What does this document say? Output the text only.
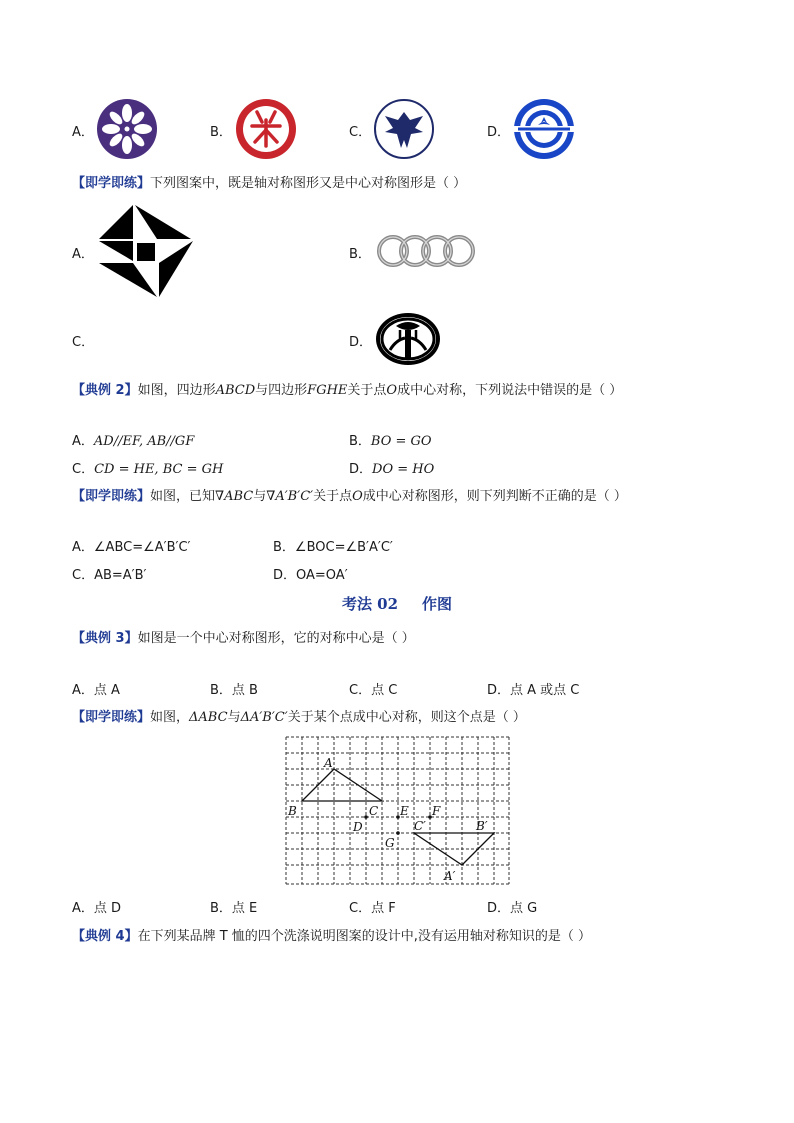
A．	B．	C．	D．
【即学即练】下列图案中，既是轴对称图形又是中心对称图形是（ ）
A．	B．
C．	D．
【典例 2】如图，四边形ABCD与四边形FGHE关于点O成中心对称，下列说法中错误的是（ ）
A．AD//EF, AB//GF	B．BO = GO
C．CD = HE, BC = GH	D．DO = HO
【即学即练】如图，已知∇ABC与∇A′B′C′关于点O成中心对称图形，则下列判断不正确的是（ ）
A．∠ABC=∠A′B′C′	B．∠BOC=∠B′A′C′
C．AB=A′B′	D．OA=OA′
考法 02 作图
【典例 3】如图是一个中心对称图形，它的对称中心是（ ）
A．点 A	B．点 B	C．点 C	D．点 A 或点 C
【即学即练】如图，ΔABC与ΔA′B′C′关于某个点成中心对称，则这个点是（ ）
A
B	C
D
E F
G
C′	B′
A′
A．点 D	B．点 E	C．点 F	D．点 G
【典例 4】在下列某品牌 T 恤的四个洗涤说明图案的设计中,没有运用轴对称知识的是（ ）
